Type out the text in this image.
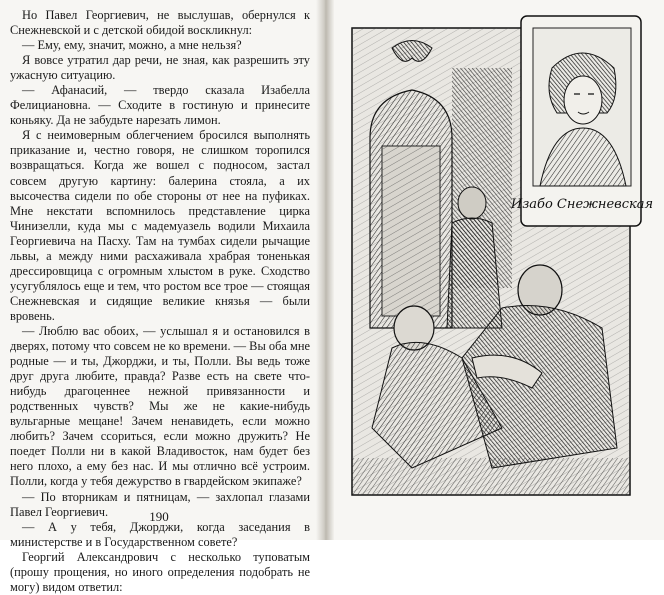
Но Павел Георгиевич, не выслушав, обернулся к Снежневской и с детской обидой воскликнул:

— Ему, ему, значит, можно, а мне нельзя?

Я вовсе утратил дар речи, не зная, как разрешить эту ужасную ситуацию.

— Афанасий, — твердо сказала Изабелла Фелициановна. — Сходите в гостиную и принесите коньяку. Да не забудьте нарезать лимон.

Я с неимоверным облегчением бросился выполнять приказание и, честно говоря, не слишком торопился возвращаться. Когда же вошел с подносом, застал совсем другую картину: балерина стояла, а их высочества сидели по обе стороны от нее на пуфиках. Мне некстати вспомнилось представление цирка Чинизелли, куда мы с мадемуазель водили Михаила Георгиевича на Пасху. Там на тумбах сидели рычащие львы, а между ними расхаживала храбрая тоненькая дрессировщица с огромным хлыстом в руке. Сходство усугублялось еще и тем, что ростом все трое — стоящая Снежневская и сидящие великие князья — были вровень.

— Люблю вас обоих, — услышал я и остановился в дверях, потому что совсем не ко времени. — Вы оба мне родные — и ты, Джорджи, и ты, Полли. Вы ведь тоже друг друга любите, правда? Разве есть на свете что-нибудь драгоценнее нежной привязанности и родственных чувств? Мы же не какие-нибудь вульгарные мещане! Зачем ненавидеть, если можно любить? Зачем ссориться, если можно дружить? Не поедет Полли ни в какой Владивосток, нам будет без него плохо, а ему без нас. И мы отлично всё устроим. Полли, когда у тебя дежурство в гвардейском экипаже?

— По вторникам и пятницам, — захлопал глазами Павел Георгиевич.

— А у тебя, Джорджи, когда заседания в министерстве и в Государственном совете?

Георгий Александрович с несколько туповатым (прошу прощения, но иного определения подобрать не могу) видом ответил:

190
Изабо Снежневская
